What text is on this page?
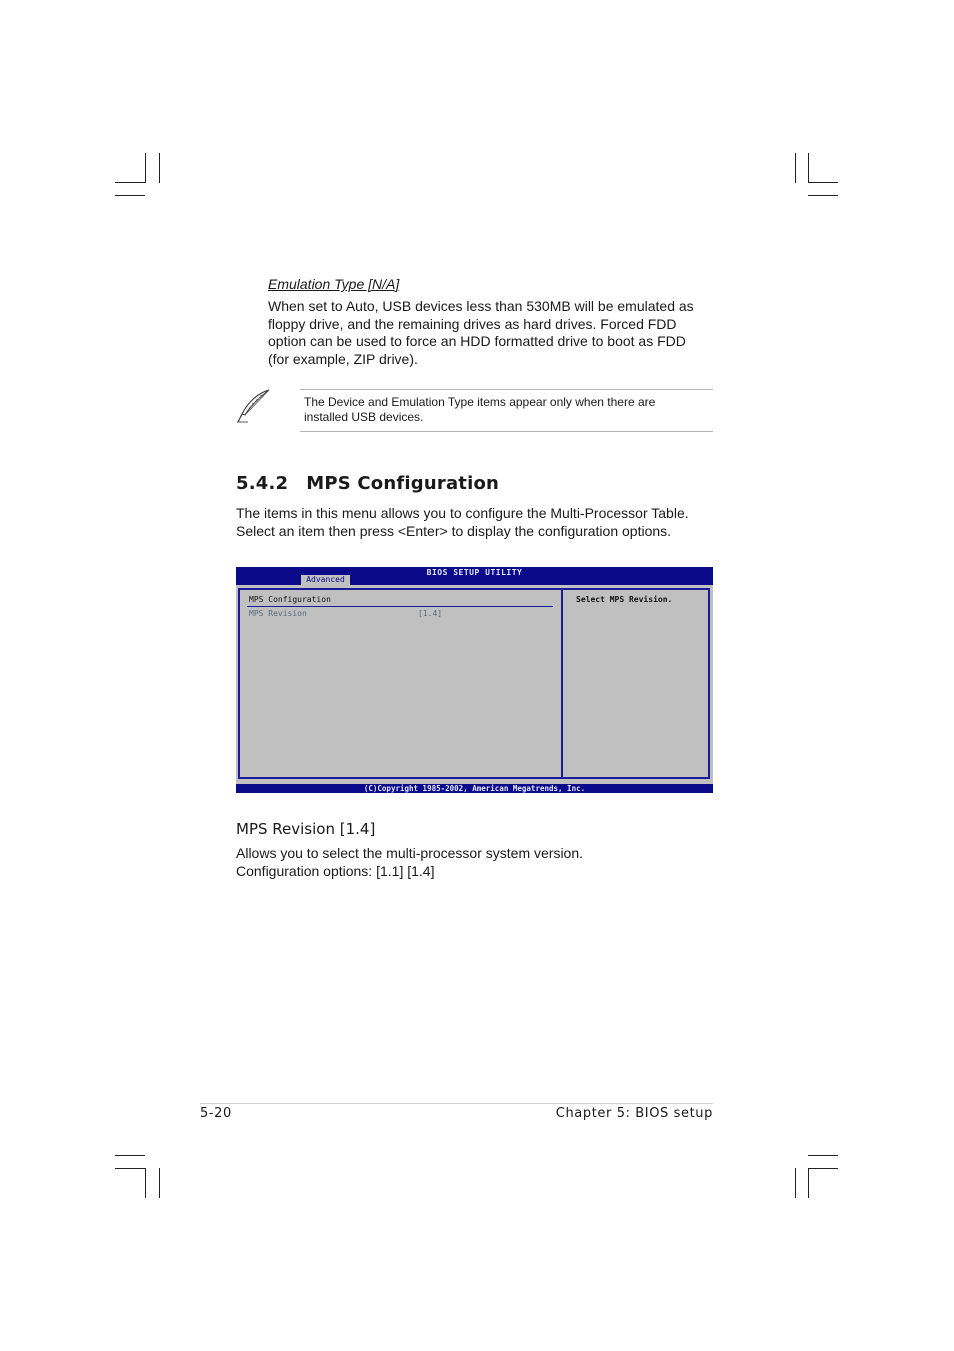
Emulation Type [N/A]
When set to Auto, USB devices less than 530MB will be emulated as
floppy drive, and the remaining drives as hard drives. Forced FDD
option can be used to force an HDD formatted drive to boot as FDD
(for example, ZIP drive).
The Device and Emulation Type items appear only when there are
installed USB devices.
5.4.2 MPS Configuration
The items in this menu allows you to configure the Multi-Processor Table.
Select an item then press <Enter> to display the configuration options.
BIOS SETUP UTILITY
Advanced
MPS Configuration
MPS Revision	[1.4]
Select MPS Revision.
(C)Copyright 1985-2002, American Megatrends, Inc.
MPS Revision [1.4]
Allows you to select the multi-processor system version.
Configuration options: [1.1] [1.4]
5-20	Chapter 5: BIOS setup
